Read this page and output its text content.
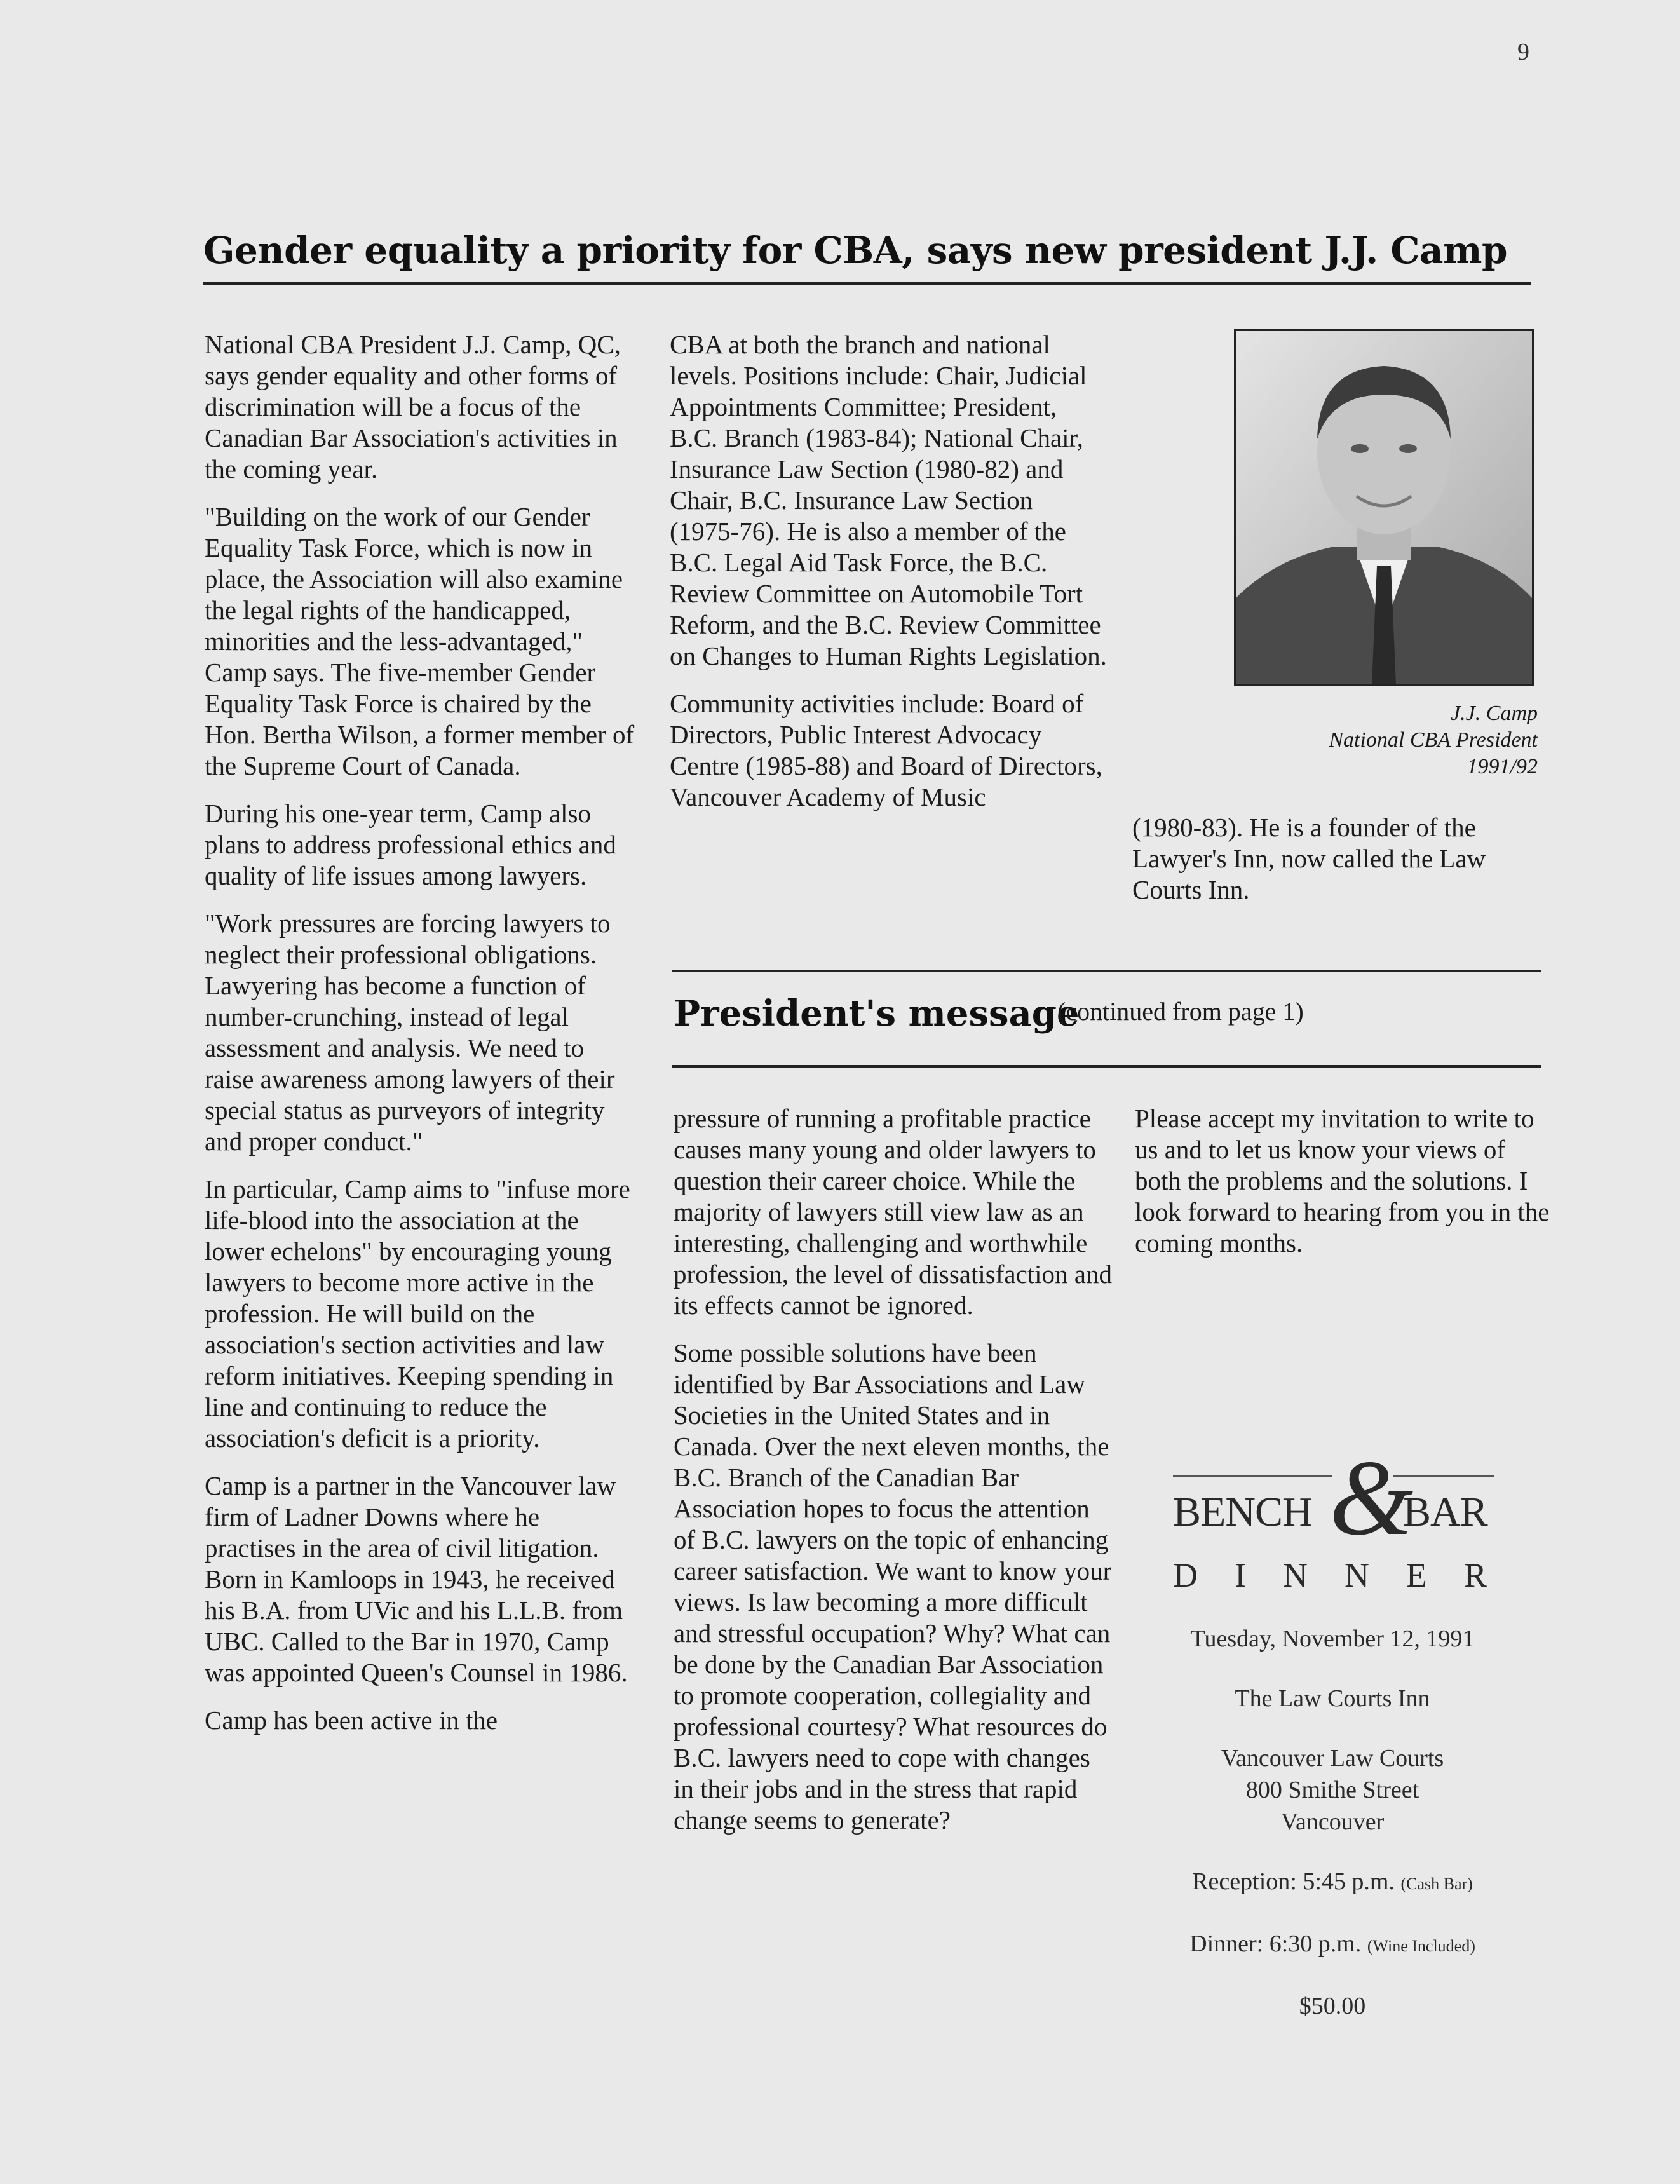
9
Gender equality a priority for CBA, says new president J.J. Camp

National CBA President J.J. Camp, QC, says gender equality and other forms of discrimination will be a focus of the Canadian Bar Association's activities in the coming year.

"Building on the work of our Gender Equality Task Force, which is now in place, the Association will also examine the legal rights of the handicapped, minorities and the less-advantaged," Camp says. The five-member Gender Equality Task Force is chaired by the Hon. Bertha Wilson, a former member of the Supreme Court of Canada.

During his one-year term, Camp also plans to address professional ethics and quality of life issues among lawyers.

"Work pressures are forcing lawyers to neglect their professional obligations. Lawyering has become a function of number-crunching, instead of legal assessment and analysis. We need to raise awareness among lawyers of their special status as purveyors of integrity and proper conduct."

In particular, Camp aims to "infuse more life-blood into the association at the lower echelons" by encouraging young lawyers to become more active in the profession. He will build on the association's section activities and law reform initiatives. Keeping spending in line and continuing to reduce the association's deficit is a priority.

Camp is a partner in the Vancouver law firm of Ladner Downs where he practises in the area of civil litigation. Born in Kamloops in 1943, he received his B.A. from UVic and his L.L.B. from UBC. Called to the Bar in 1970, Camp was appointed Queen's Counsel in 1986.

Camp has been active in the

CBA at both the branch and national levels. Positions include: Chair, Judicial Appointments Committee; President, B.C. Branch (1983-84); National Chair, Insurance Law Section (1980-82) and Chair, B.C. Insurance Law Section (1975-76). He is also a member of the B.C. Legal Aid Task Force, the B.C. Review Committee on Automobile Tort Reform, and the B.C. Review Committee on Changes to Human Rights Legislation.

Community activities include: Board of Directors, Public Interest Advocacy Centre (1985-88) and Board of Directors, Vancouver Academy of Music

J.J. Camp
National CBA President
1991/92

(1980-83). He is a founder of the Lawyer's Inn, now called the Law Courts Inn.

President's message
(continued from page 1)

pressure of running a profitable practice causes many young and older lawyers to question their career choice. While the majority of lawyers still view law as an interesting, challenging and worthwhile profession, the level of dissatisfaction and its effects cannot be ignored.

Some possible solutions have been identified by Bar Associations and Law Societies in the United States and in Canada. Over the next eleven months, the B.C. Branch of the Canadian Bar Association hopes to focus the attention of B.C. lawyers on the topic of enhancing career satisfaction. We want to know your views. Is law becoming a more difficult and stressful occupation? Why? What can be done by the Canadian Bar Association to promote cooperation, collegiality and professional courtesy? What resources do B.C. lawyers need to cope with changes in their jobs and in the stress that rapid change seems to generate?

Please accept my invitation to write to us and to let us know your views of both the problems and the solutions. I look forward to hearing from you in the coming months.

BENCH &
BAR
D I N N E R
Tuesday, November 12, 1991
The Law Courts Inn
Vancouver Law Courts
800 Smithe Street
Vancouver
Reception: 5:45 p.m. (Cash Bar)
Dinner: 6:30 p.m. (Wine Included)
$50.00
